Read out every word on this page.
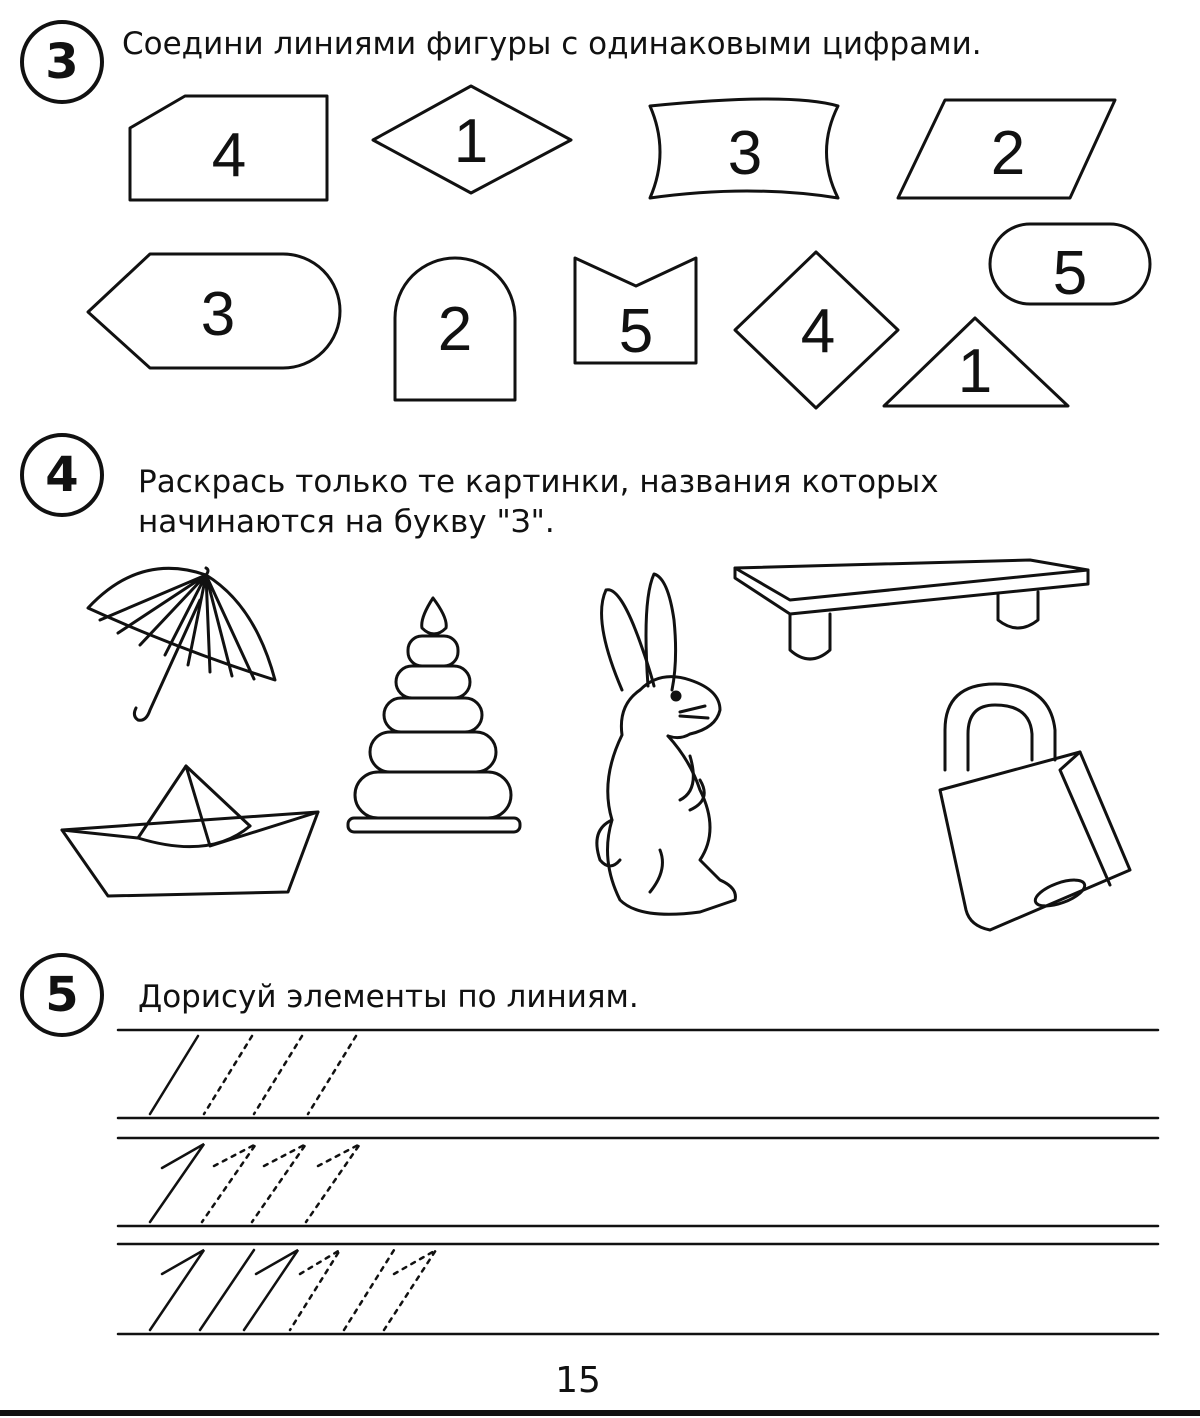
3	Соедини линиями фигуры с одинаковыми цифрами.
4	Раскрась только те картинки, названия которых
начинаются на букву "З".
5	Дорисуй элементы по линиям.
4	1	3	2
3	2 5 4
5
1
15
